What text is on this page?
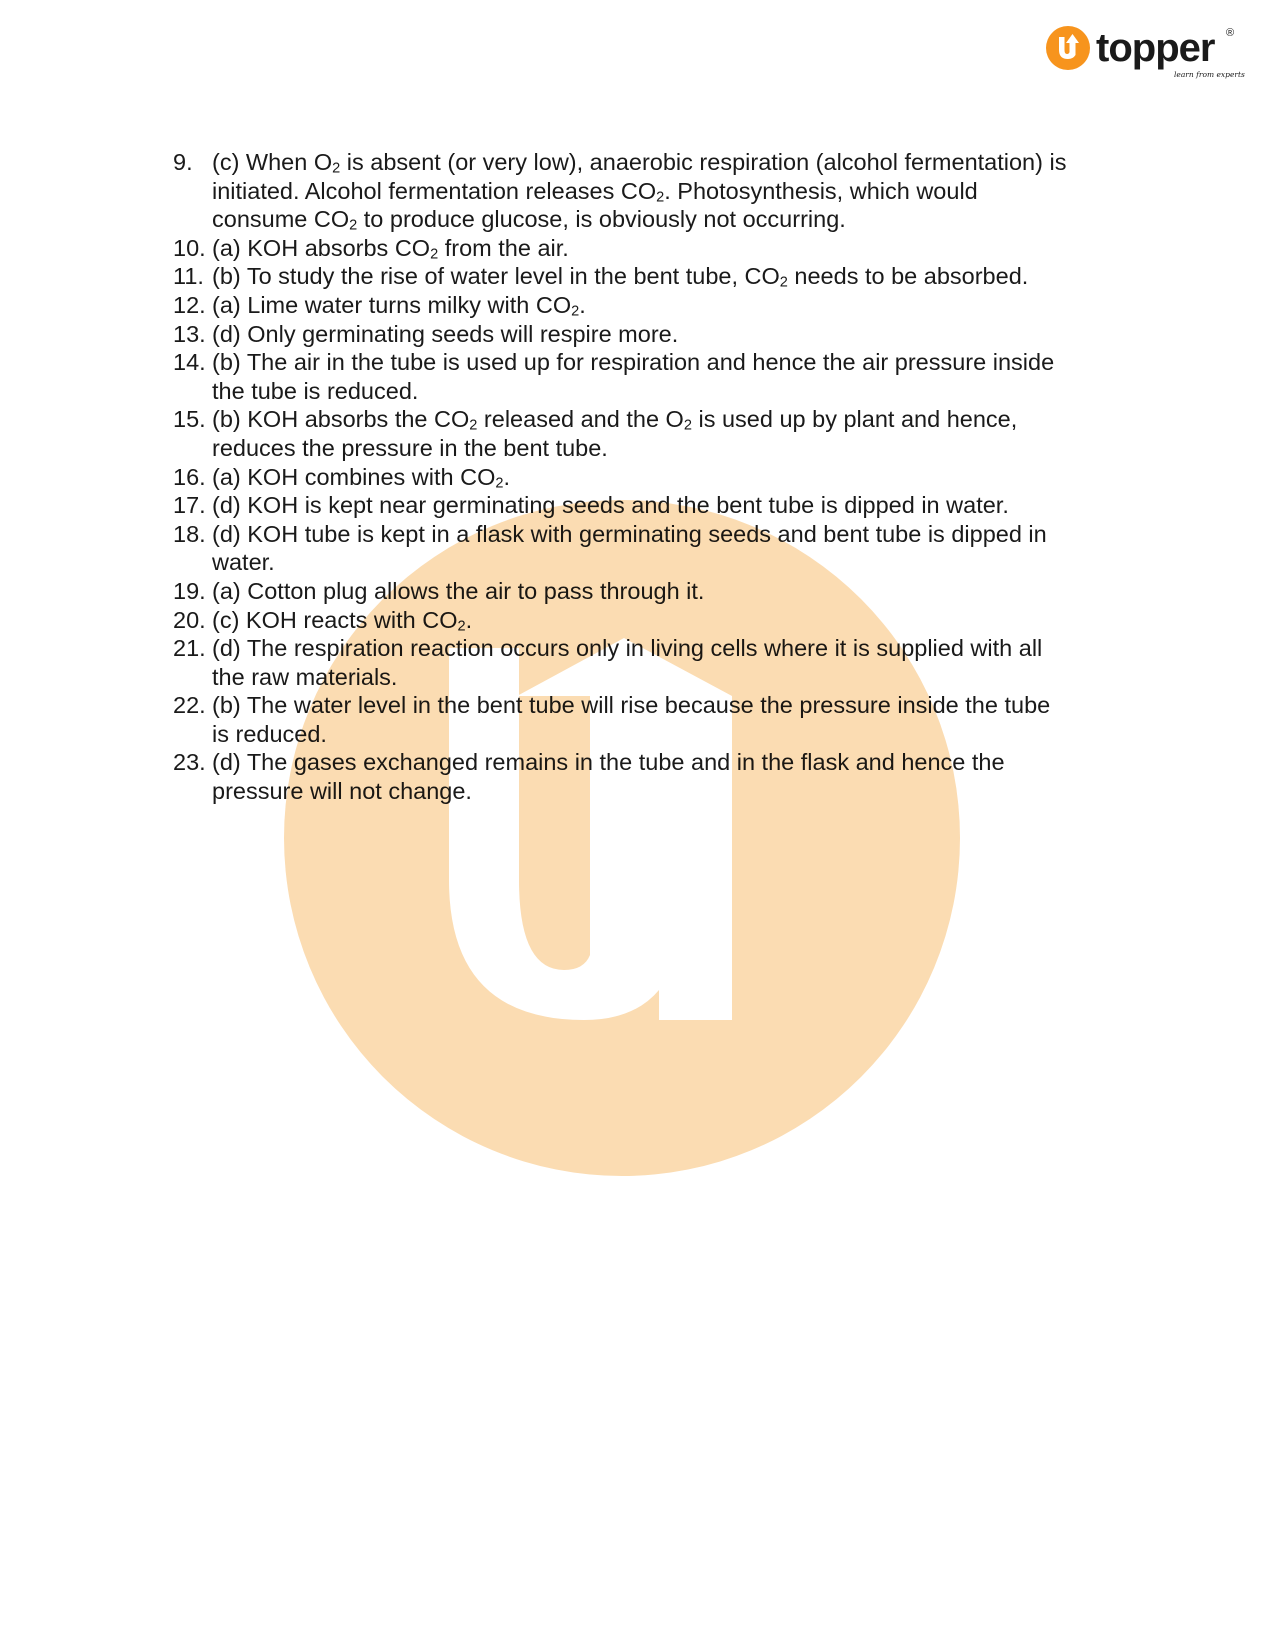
topper ®
learn from experts
9. (c) When O2 is absent (or very low), anaerobic respiration (alcohol fermentation) is
initiated. Alcohol fermentation releases CO2. Photosynthesis, which would
consume CO2 to produce glucose, is obviously not occurring.
10. (a) KOH absorbs CO2 from the air.
11. (b) To study the rise of water level in the bent tube, CO2 needs to be absorbed.
12. (a) Lime water turns milky with CO2.
13. (d) Only germinating seeds will respire more.
14. (b) The air in the tube is used up for respiration and hence the air pressure inside
the tube is reduced.
15. (b) KOH absorbs the CO2 released and the O2 is used up by plant and hence,
reduces the pressure in the bent tube.
16. (a) KOH combines with CO2.
17. (d) KOH is kept near germinating seeds and the bent tube is dipped in water.
18. (d) KOH tube is kept in a flask with germinating seeds and bent tube is dipped in
water.
19. (a) Cotton plug allows the air to pass through it.
20. (c) KOH reacts with CO2.
21. (d) The respiration reaction occurs only in living cells where it is supplied with all
the raw materials.
22. (b) The water level in the bent tube will rise because the pressure inside the tube
is reduced.
23. (d) The gases exchanged remains in the tube and in the flask and hence the
pressure will not change.
